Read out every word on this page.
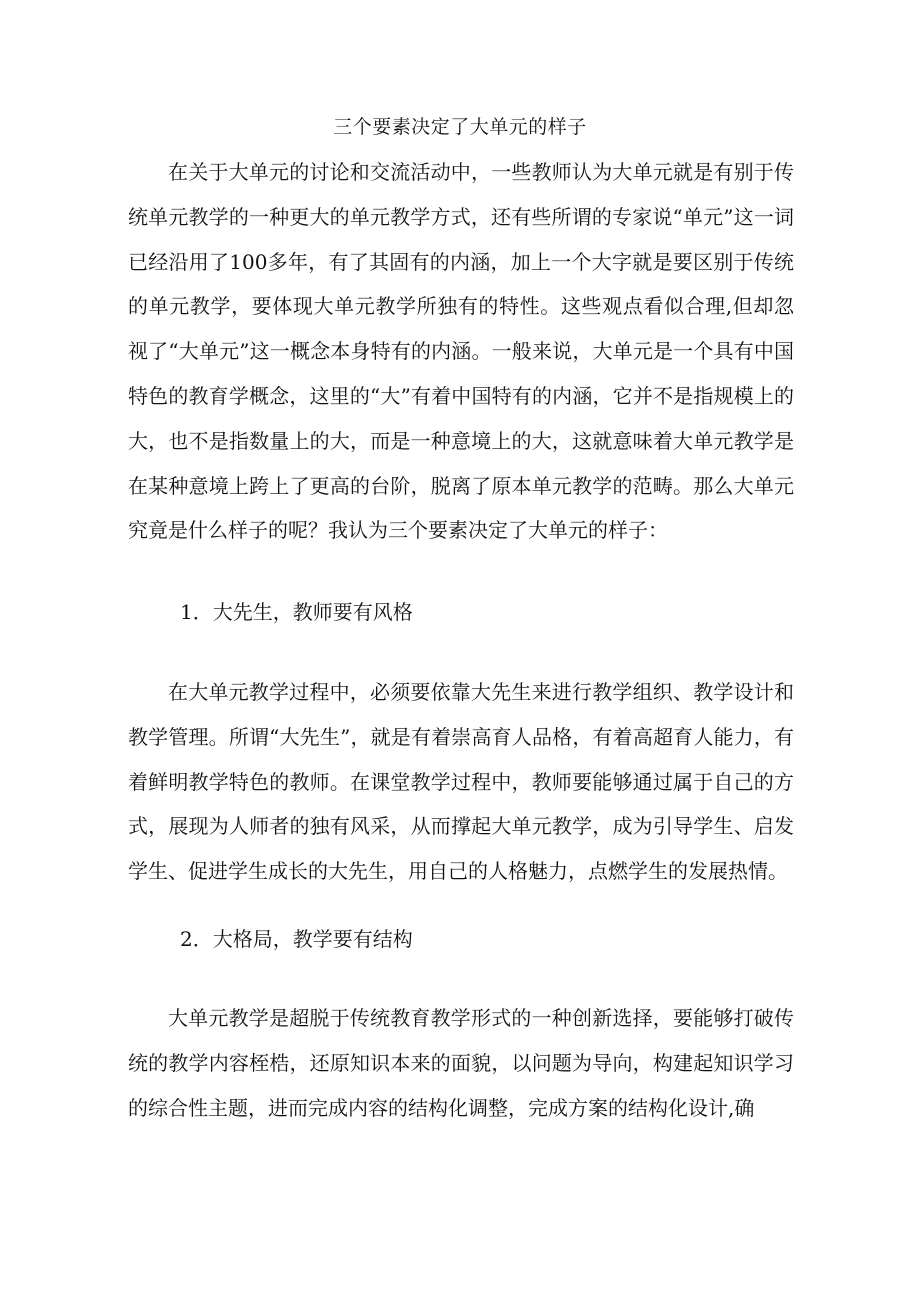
三个要素决定了大单元的样子

在关于大单元的讨论和交流活动中，一些教师认为大单元就是有别于传统单元教学的一种更大的单元教学方式，还有些所谓的专家说“单元”这一词已经沿用了100多年，有了其固有的内涵，加上一个大字就是要区别于传统的单元教学，要体现大单元教学所独有的特性。这些观点看似合理,但却忽视了“大单元”这一概念本身特有的内涵。一般来说，大单元是一个具有中国特色的教育学概念，这里的“大”有着中国特有的内涵，它并不是指规模上的大，也不是指数量上的大，而是一种意境上的大，这就意味着大单元教学是在某种意境上跨上了更高的台阶，脱离了原本单元教学的范畴。那么大单元究竟是什么样子的呢？我认为三个要素决定了大单元的样子：

1．大先生，教师要有风格

在大单元教学过程中，必须要依靠大先生来进行教学组织、教学设计和教学管理。所谓“大先生”，就是有着崇高育人品格，有着高超育人能力，有着鲜明教学特色的教师。在课堂教学过程中，教师要能够通过属于自己的方式，展现为人师者的独有风采，从而撑起大单元教学，成为引导学生、启发学生、促进学生成长的大先生，用自己的人格魅力，点燃学生的发展热情。

2．大格局，教学要有结构

大单元教学是超脱于传统教育教学形式的一种创新选择，要能够打破传统的教学内容桎梏，还原知识本来的面貌，以问题为导向，构建起知识学习的综合性主题，进而完成内容的结构化调整，完成方案的结构化设计,确
